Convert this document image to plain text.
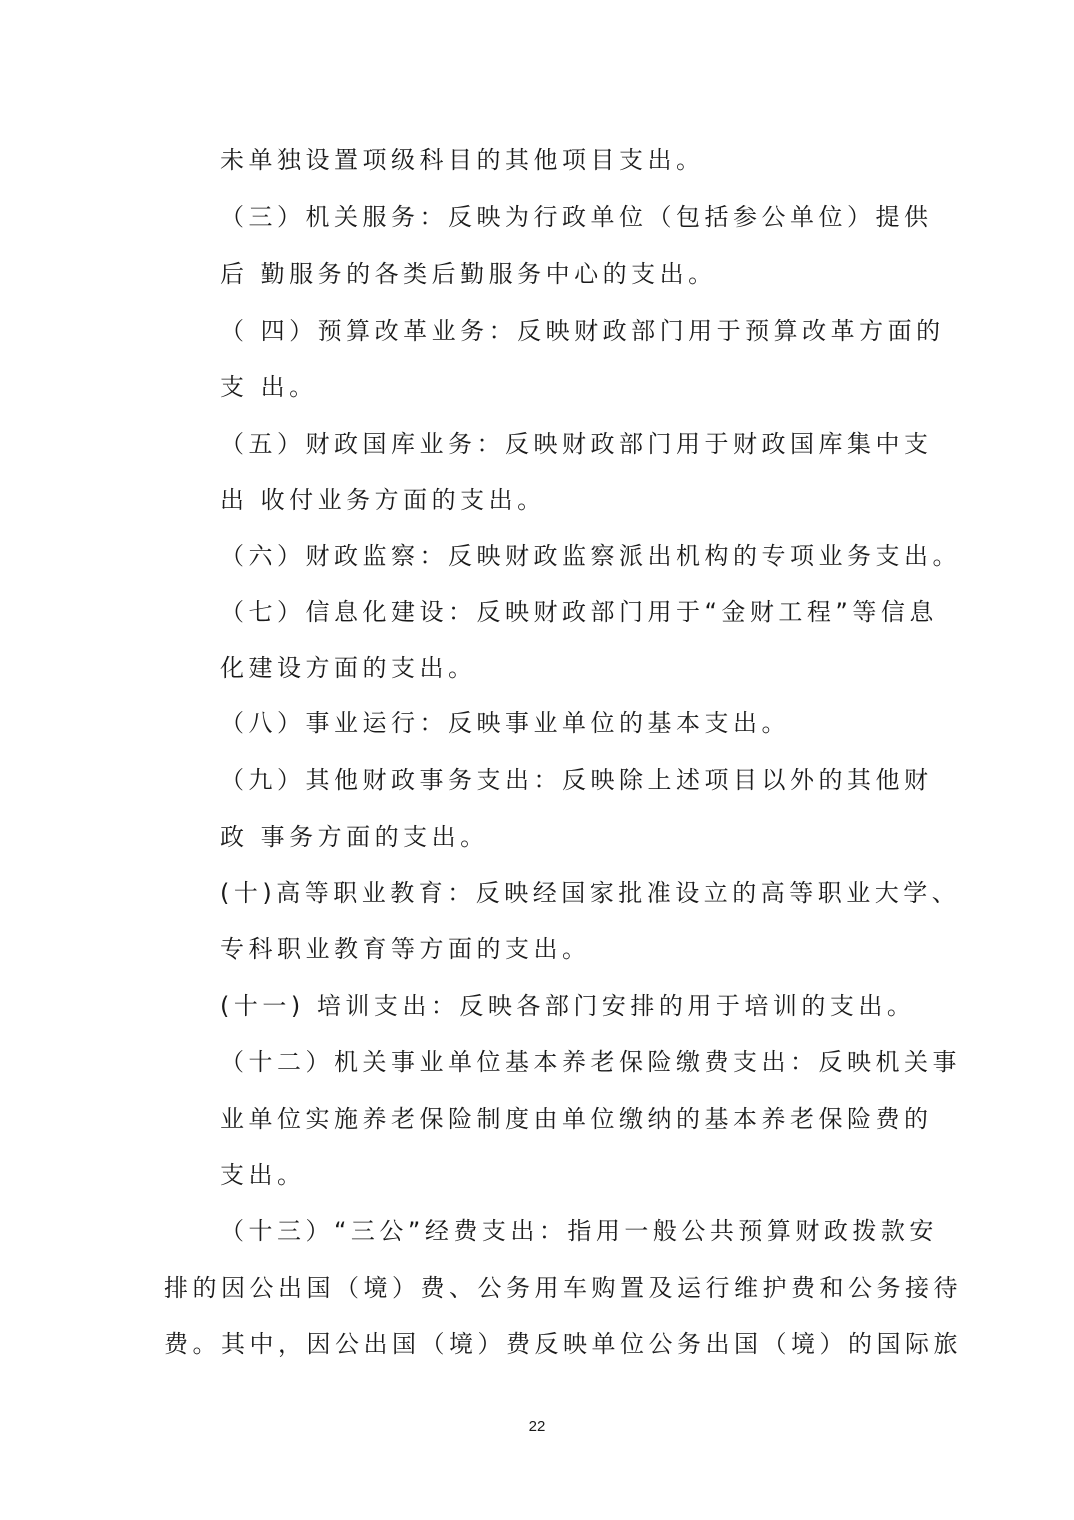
未单独设置项级科目的其他项目支出。
（三）机关服务：反映为行政单位（包括参公单位）提供
后 勤服务的各类后勤服务中心的支出。
（ 四）预算改革业务：反映财政部门用于预算改革方面的
支 出。
（五）财政国库业务：反映财政部门用于财政国库集中支
出 收付业务方面的支出。
（六）财政监察：反映财政监察派出机构的专项业务支出。
（七）信息化建设：反映财政部门用于“金财工程”等信息
化建设方面的支出。
（八）事业运行：反映事业单位的基本支出。
（九）其他财政事务支出：反映除上述项目以外的其他财
政 事务方面的支出。
(十)高等职业教育：反映经国家批准设立的高等职业大学、
专科职业教育等方面的支出。
(十一) 培训支出：反映各部门安排的用于培训的支出。
（十二）机关事业单位基本养老保险缴费支出：反映机关事
业单位实施养老保险制度由单位缴纳的基本养老保险费的
支出。
（十三）“三公”经费支出：指用一般公共预算财政拨款安
排的因公出国（境）费、公务用车购置及运行维护费和公务接待
费。其中，因公出国（境）费反映单位公务出国（境）的国际旅
22
